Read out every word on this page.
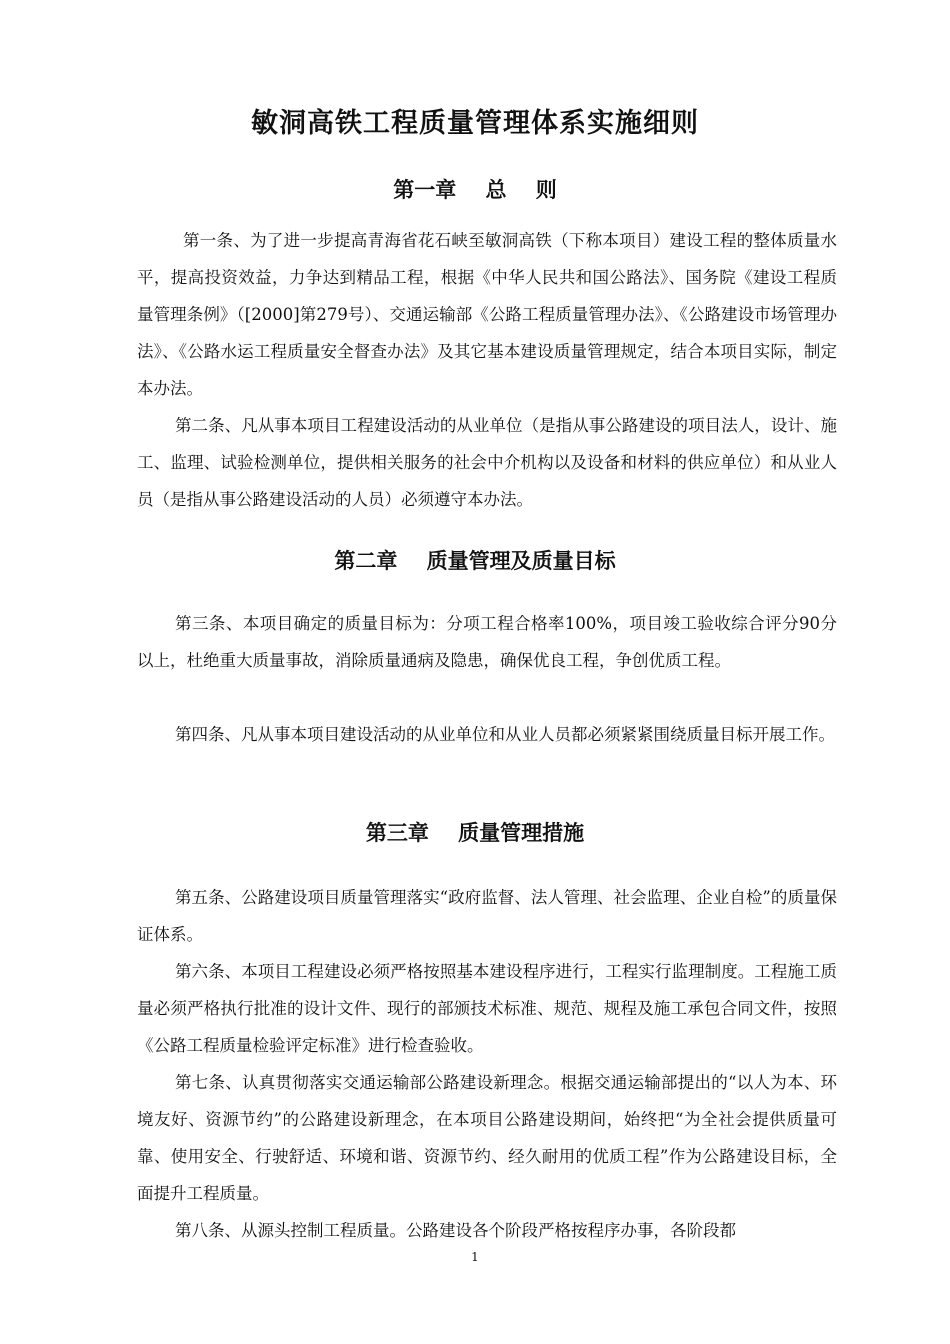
敏洞高铁工程质量管理体系实施细则
第一章    总    则

第一条、为了进一步提高青海省花石峡至敏洞高铁（下称本项目）建设工程的整体质量水平，提高投资效益，力争达到精品工程，根据《中华人民共和国公路法》、国务院《建设工程质量管理条例》（[2000]第279号）、交通运输部《公路工程质量管理办法》、《公路建设市场管理办法》、《公路水运工程质量安全督查办法》及其它基本建设质量管理规定，结合本项目实际，制定本办法。

第二条、凡从事本项目工程建设活动的从业单位（是指从事公路建设的项目法人，设计、施工、监理、试验检测单位，提供相关服务的社会中介机构以及设备和材料的供应单位）和从业人员（是指从事公路建设活动的人员）必须遵守本办法。

第二章    质量管理及质量目标

第三条、本项目确定的质量目标为：分项工程合格率100%，项目竣工验收综合评分90分以上，杜绝重大质量事故，消除质量通病及隐患，确保优良工程，争创优质工程。

第四条、凡从事本项目建设活动的从业单位和从业人员都必须紧紧围绕质量目标开展工作。

第三章    质量管理措施

第五条、公路建设项目质量管理落实“政府监督、法人管理、社会监理、企业自检”的质量保证体系。

第六条、本项目工程建设必须严格按照基本建设程序进行，工程实行监理制度。工程施工质量必须严格执行批准的设计文件、现行的部颁技术标准、规范、规程及施工承包合同文件，按照《公路工程质量检验评定标准》进行检查验收。

第七条、认真贯彻落实交通运输部公路建设新理念。根据交通运输部提出的“以人为本、环境友好、资源节约”的公路建设新理念，在本项目公路建设期间，始终把“为全社会提供质量可靠、使用安全、行驶舒适、环境和谐、资源节约、经久耐用的优质工程”作为公路建设目标，全面提升工程质量。

第八条、从源头控制工程质量。公路建设各个阶段严格按程序办事，各阶段都

1
